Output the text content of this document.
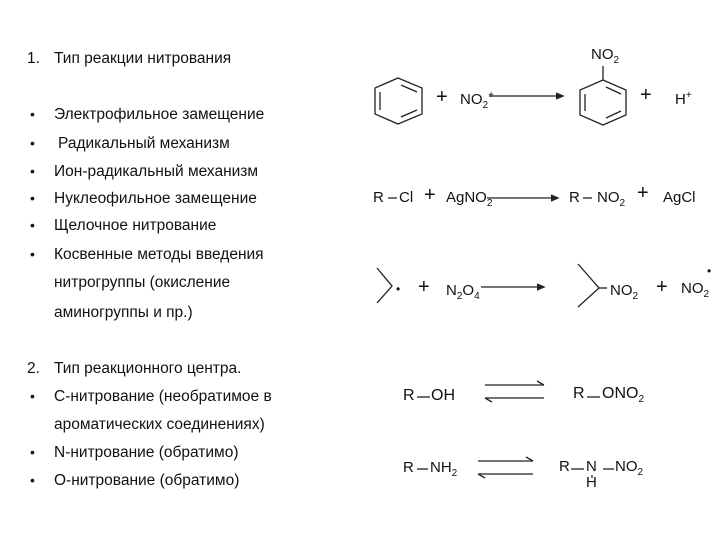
1. Тип реакции нитрования
• Электрофильное замещение
• Радикальный механизм
• Ион-радикальный механизм
• Нуклеофильное замещение
• Щелочное нитрование
• Косвенные методы введения
нитрогруппы (окисление
аминогруппы и пр.)
2. Тип реакционного центра.
• С-нитрование (необратимое в
ароматических соединениях)
• N-нитрование (обратимо)
• О-нитрование (обратимо)
$NO_2$
+ $NO_2^+$	+ H+
R Cl + AgNO$_2$	R $NO_2$ + AgCl
• + $N_2O_4$	$NO_2 + NO_2$
•
R OH	R $ONO_2$
R $NH_2$	R N
H
$NO_2$
